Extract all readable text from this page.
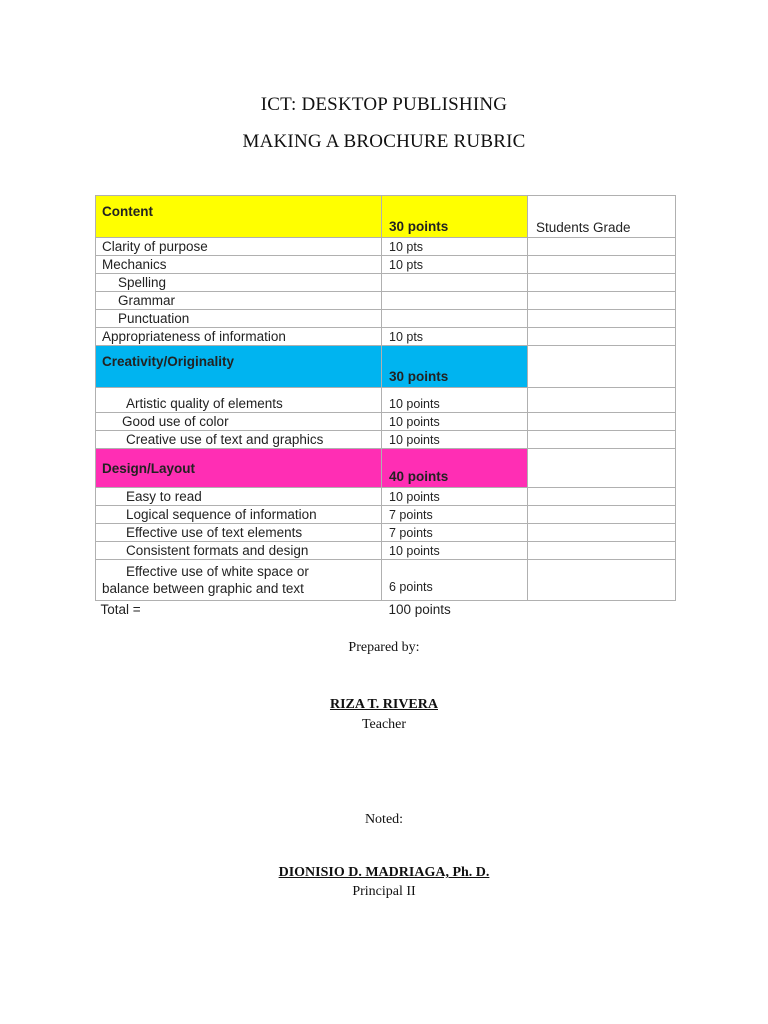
ICT: DESKTOP PUBLISHING
MAKING A BROCHURE RUBRIC
Content	30 points	Students Grade
Clarity of purpose	10 pts	
Mechanics	10 pts	
Spelling		
Grammar		
Punctuation		
Appropriateness of information	10 pts	
Creativity/Originality	30 points	
Artistic quality of elements	10 points	
Good use of color	10 points	
Creative use of text and graphics	10 points	
Design/Layout	40 points	
Easy to read	10 points	
Logical sequence of information	7 points	
Effective use of text elements	7 points	
Consistent formats and design	10 points	

Effective use of white space or
balance between graphic and text	6 points	
Total =	100 points	
Prepared by:
RIZA T. RIVERA
Teacher
Noted:
DIONISIO D. MADRIAGA, Ph. D.
Principal II
